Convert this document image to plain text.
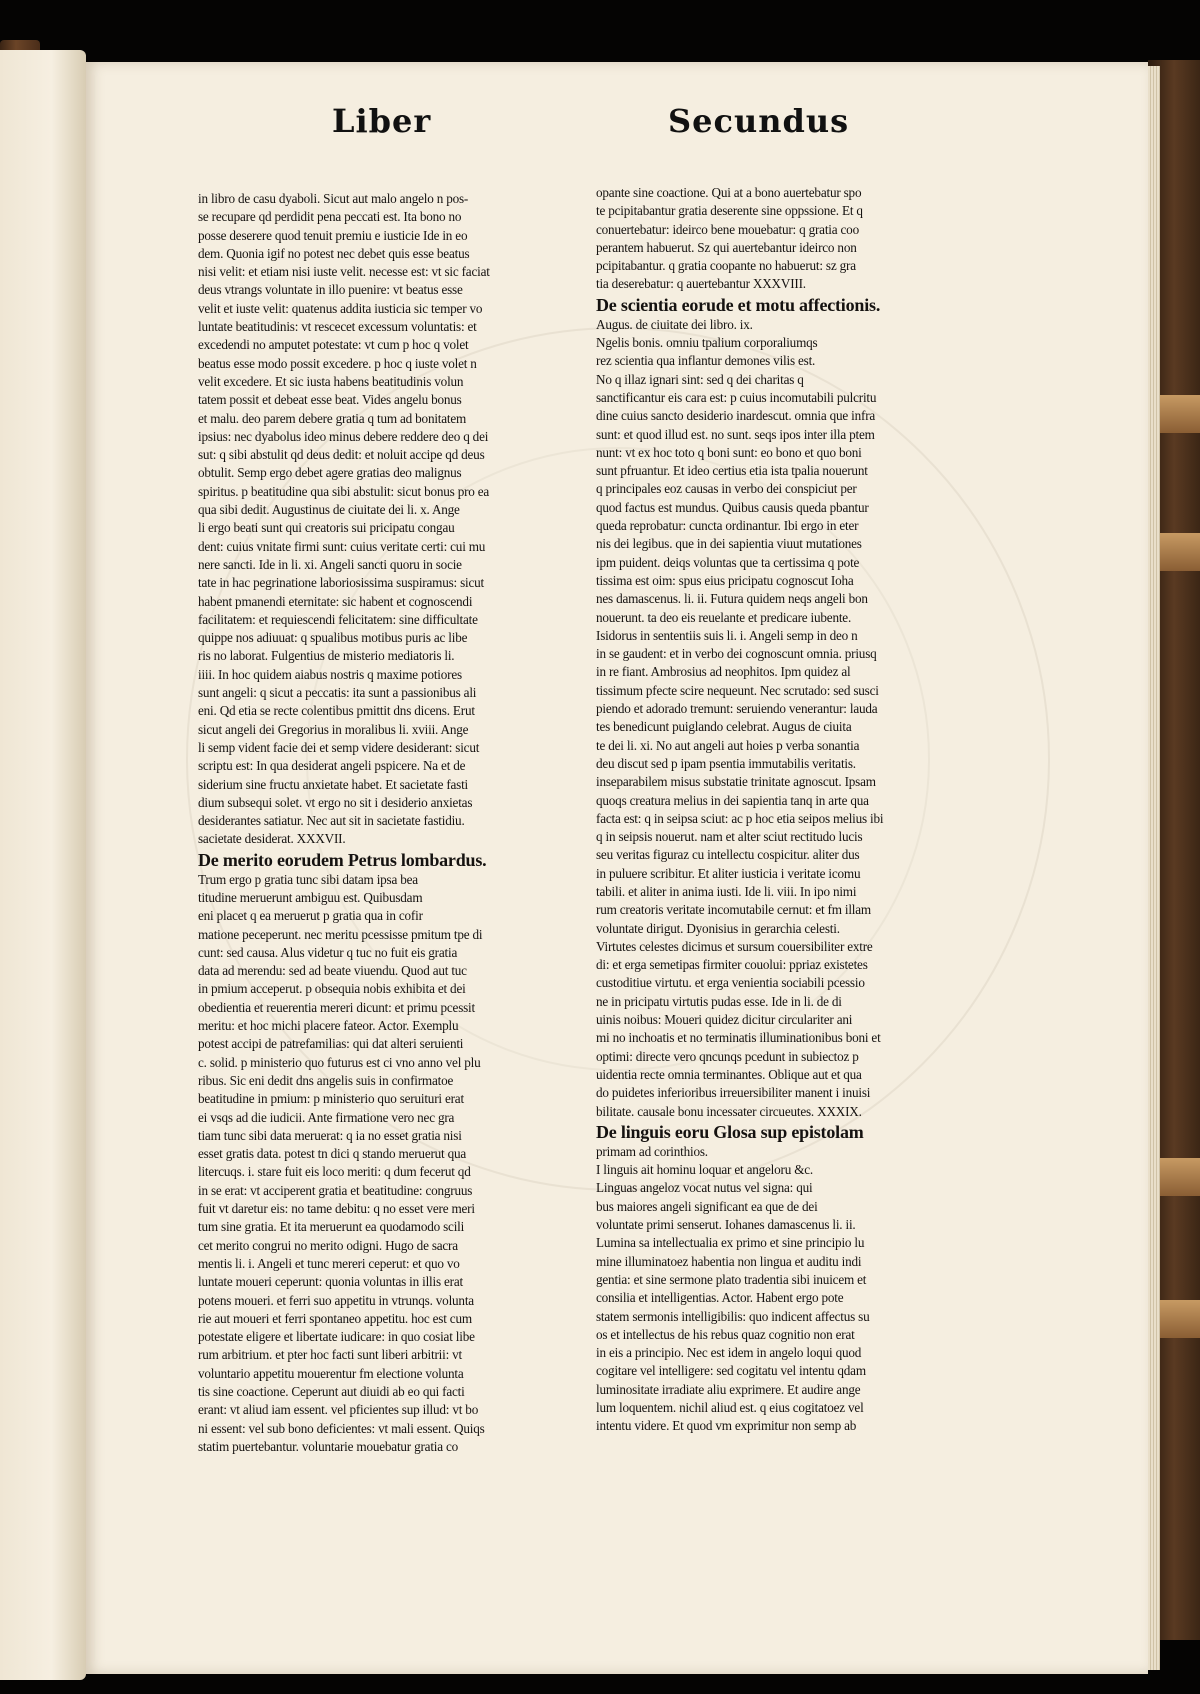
Liber	Secundus
in libro de casu dyaboli. Sicut aut malo angelo n pos-
se recupare qd perdidit pena peccati est. Ita bono no
posse deserere quod tenuit premiu e iusticie Ide in eo
dem. Quonia igif no potest nec debet quis esse beatus
nisi velit: et etiam nisi iuste velit. necesse est: vt sic faciat
deus vtrangs voluntate in illo puenire: vt beatus esse
velit et iuste velit: quatenus addita iusticia sic temper vo
luntate beatitudinis: vt rescecet excessum voluntatis: et
excedendi no amputet potestate: vt cum p hoc q volet
beatus esse modo possit excedere. p hoc q iuste volet n
velit excedere. Et sic iusta habens beatitudinis volun
tatem possit et debeat esse beat. Vides angelu bonus
et malu. deo parem debere gratia q tum ad bonitatem
ipsius: nec dyabolus ideo minus debere reddere deo q dei
sut: q sibi abstulit qd deus dedit: et noluit accipe qd deus
obtulit. Semp ergo debet agere gratias deo malignus
spiritus. p beatitudine qua sibi abstulit: sicut bonus pro ea
qua sibi dedit. Augustinus de ciuitate dei li. x. Ange
li ergo beati sunt qui creatoris sui pricipatu congau
dent: cuius vnitate firmi sunt: cuius veritate certi: cui mu
nere sancti. Ide in li. xi. Angeli sancti quoru in socie
tate in hac pegrinatione laboriosissima suspiramus: sicut
habent pmanendi eternitate: sic habent et cognoscendi
facilitatem: et requiescendi felicitatem: sine difficultate
quippe nos adiuuat: q spualibus motibus puris ac libe
ris no laborat. Fulgentius de misterio mediatoris li.
iiii. In hoc quidem aiabus nostris q maxime potiores
sunt angeli: q sicut a peccatis: ita sunt a passionibus ali
eni. Qd etia se recte colentibus pmittit dns dicens. Erut
sicut angeli dei Gregorius in moralibus li. xviii. Ange
li semp vident facie dei et semp videre desiderant: sicut
scriptu est: In qua desiderat angeli pspicere. Na et de
siderium sine fructu anxietate habet. Et sacietate fasti
dium subsequi solet. vt ergo no sit i desiderio anxietas
desiderantes satiatur. Nec aut sit in sacietate fastidiu.
sacietate desiderat. XXXVII.
De merito eorudem Petrus lombardus.
Trum ergo p gratia tunc sibi datam ipsa bea
titudine meruerunt ambiguu est. Quibusdam
eni placet q ea meruerut p gratia qua in cofir
matione peceperunt. nec meritu pcessisse pmitum tpe di
cunt: sed causa. Alus videtur q tuc no fuit eis gratia
data ad merendu: sed ad beate viuendu. Quod aut tuc
in pmium acceperut. p obsequia nobis exhibita et dei
obedientia et reuerentia mereri dicunt: et primu pcessit
meritu: et hoc michi placere fateor. Actor. Exemplu
potest accipi de patrefamilias: qui dat alteri seruienti
c. solid. p ministerio quo futurus est ci vno anno vel plu
ribus. Sic eni dedit dns angelis suis in confirmatoe
beatitudine in pmium: p ministerio quo seruituri erat
ei vsqs ad die iudicii. Ante firmatione vero nec gra
tiam tunc sibi data meruerat: q ia no esset gratia nisi
esset gratis data. potest tn dici q stando meruerut qua
litercuqs. i. stare fuit eis loco meriti: q dum fecerut qd
in se erat: vt acciperent gratia et beatitudine: congruus
fuit vt daretur eis: no tame debitu: q no esset vere meri
tum sine gratia. Et ita meruerunt ea quodamodo scili
cet merito congrui no merito odigni. Hugo de sacra
mentis li. i. Angeli et tunc mereri ceperut: et quo vo
luntate moueri ceperunt: quonia voluntas in illis erat
potens moueri. et ferri suo appetitu in vtrunqs. volunta
rie aut moueri et ferri spontaneo appetitu. hoc est cum
potestate eligere et libertate iudicare: in quo cosiat libe
rum arbitrium. et pter hoc facti sunt liberi arbitrii: vt
voluntario appetitu mouerentur fm electione volunta
tis sine coactione. Ceperunt aut diuidi ab eo qui facti
erant: vt aliud iam essent. vel pficientes sup illud: vt bo
ni essent: vel sub bono deficientes: vt mali essent. Quiqs
statim puertebantur. voluntarie mouebatur gratia co
opante sine coactione. Qui at a bono auertebatur spo
te pcipitabantur gratia deserente sine oppssione. Et q
conuertebatur: ideirco bene mouebatur: q gratia coo
perantem habuerut. Sz qui auertebantur ideirco non
pcipitabantur. q gratia coopante no habuerut: sz gra
tia deserebatur: q auertebantur XXXVIII.
De scientia eorude et motu affectionis.
Augus. de ciuitate dei libro. ix.
Ngelis bonis. omniu tpalium corporaliumqs
rez scientia qua inflantur demones vilis est.
No q illaz ignari sint: sed q dei charitas q
sanctificantur eis cara est: p cuius incomutabili pulcritu
dine cuius sancto desiderio inardescut. omnia que infra
sunt: et quod illud est. no sunt. seqs ipos inter illa ptem
nunt: vt ex hoc toto q boni sunt: eo bono et quo boni
sunt pfruantur. Et ideo certius etia ista tpalia nouerunt
q principales eoz causas in verbo dei conspiciut per
quod factus est mundus. Quibus causis queda pbantur
queda reprobatur: cuncta ordinantur. Ibi ergo in eter
nis dei legibus. que in dei sapientia viuut mutationes
ipm puident. deiqs voluntas que ta certissima q pote
tissima est oim: spus eius pricipatu cognoscut Ioha
nes damascenus. li. ii. Futura quidem neqs angeli bon
nouerunt. ta deo eis reuelante et predicare iubente.
Isidorus in sententiis suis li. i. Angeli semp in deo n
in se gaudent: et in verbo dei cognoscunt omnia. priusq
in re fiant. Ambrosius ad neophitos. Ipm quidez al
tissimum pfecte scire nequeunt. Nec scrutado: sed susci
piendo et adorado tremunt: seruiendo venerantur: lauda
tes benedicunt puiglando celebrat. Augus de ciuita
te dei li. xi. No aut angeli aut hoies p verba sonantia
deu discut sed p ipam psentia immutabilis veritatis.
inseparabilem misus substatie trinitate agnoscut. Ipsam
quoqs creatura melius in dei sapientia tanq in arte qua
facta est: q in seipsa sciut: ac p hoc etia seipos melius ibi
q in seipsis nouerut. nam et alter sciut rectitudo lucis
seu veritas figuraz cu intellectu cospicitur. aliter dus
in puluere scribitur. Et aliter iusticia i veritate icomu
tabili. et aliter in anima iusti. Ide li. viii. In ipo nimi
rum creatoris veritate incomutabile cernut: et fm illam
voluntate dirigut. Dyonisius in gerarchia celesti.
Virtutes celestes dicimus et sursum couersibiliter extre
di: et erga semetipas firmiter couolui: ppriaz existetes
custoditiue virtutu. et erga venientia sociabili pcessio
ne in pricipatu virtutis pudas esse. Ide in li. de di
uinis noibus: Moueri quidez dicitur circulariter ani
mi no inchoatis et no terminatis illuminationibus boni et
optimi: directe vero qncunqs pcedunt in subiectoz p
uidentia recte omnia terminantes. Oblique aut et qua
do puidetes inferioribus irreuersibiliter manent i inuisi
bilitate. causale bonu incessater circueutes. XXXIX.
De linguis eoru Glosa sup epistolam
primam ad corinthios.
I linguis ait hominu loquar et angeloru &c.
Linguas angeloz vocat nutus vel signa: qui
bus maiores angeli significant ea que de dei
voluntate primi senserut. Iohanes damascenus li. ii.
Lumina sa intellectualia ex primo et sine principio lu
mine illuminatoez habentia non lingua et auditu indi
gentia: et sine sermone plato tradentia sibi inuicem et
consilia et intelligentias. Actor. Habent ergo pote
statem sermonis intelligibilis: quo indicent affectus su
os et intellectus de his rebus quaz cognitio non erat
in eis a principio. Nec est idem in angelo loqui quod
cogitare vel intelligere: sed cogitatu vel intentu qdam
luminositate irradiate aliu exprimere. Et audire ange
lum loquentem. nichil aliud est. q eius cogitatoez vel
intentu videre. Et quod vm exprimitur non semp ab
